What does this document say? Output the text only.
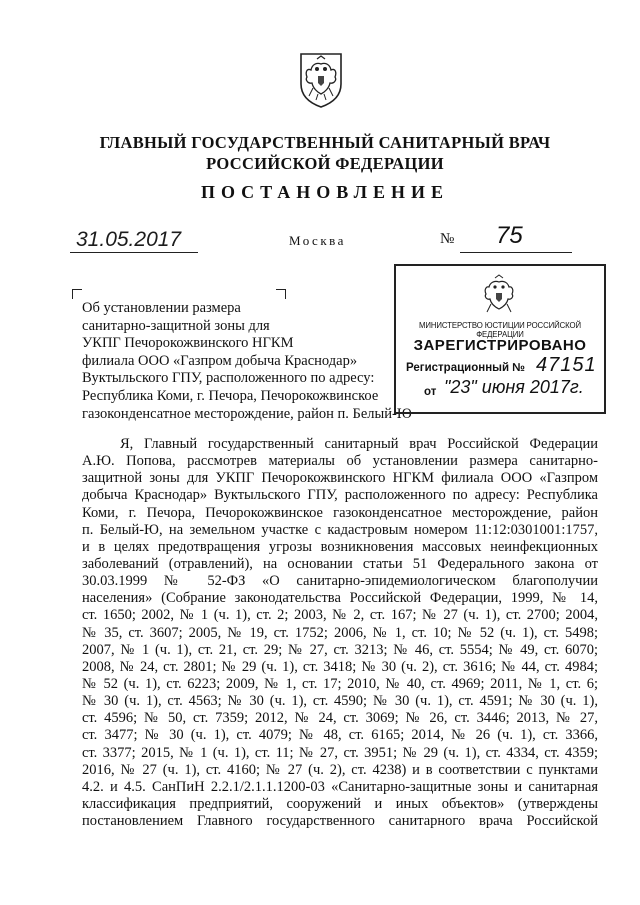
ГЛАВНЫЙ ГОСУДАРСТВЕННЫЙ САНИТАРНЫЙ ВРАЧ
РОССИЙСКОЙ ФЕДЕРАЦИИ
ПОСТАНОВЛЕНИЕ
31.05.2017	Москва	№ 75
Об установлении размера
санитарно-защитной зоны для
УКПГ Печорокожвинского НГКМ
филиала ООО «Газпром добыча Краснодар»
Вуктыльского ГПУ, расположенного по адресу:
Республика Коми, г. Печора, Печорокожвинское
газоконденсатное месторождение, район п. Белый-Ю
МИНИСТЕРСТВО ЮСТИЦИИ РОССИЙСКОЙ ФЕДЕРАЦИИ
ЗАРЕГИСТРИРОВАНО
Регистрационный № 47151
от "23" июня 2017г.
Я, Главный государственный санитарный врач Российской Федерации
А.Ю. Попова, рассмотрев материалы об установлении размера санитарно-
защитной зоны для УКПГ Печорокожвинского НГКМ филиала ООО «Газпром
добыча Краснодар» Вуктыльского ГПУ, расположенного по адресу: Республика
Коми, г. Печора, Печорокожвинское газоконденсатное месторождение, район
п. Белый-Ю, на земельном участке с кадастровым номером 11:12:0301001:1757,
и в целях предотвращения угрозы возникновения массовых неинфекционных
заболеваний (отравлений), на основании статьи 51 Федерального закона от
30.03.1999 № 52-ФЗ «О санитарно-эпидемиологическом благополучии
населения» (Собрание законодательства Российской Федерации, 1999, № 14,
ст. 1650; 2002, № 1 (ч. 1), ст. 2; 2003, № 2, ст. 167; № 27 (ч. 1), ст. 2700; 2004,
№ 35, ст. 3607; 2005, № 19, ст. 1752; 2006, № 1, ст. 10; № 52 (ч. 1), ст. 5498;
2007, № 1 (ч. 1), ст. 21, ст. 29; № 27, ст. 3213; № 46, ст. 5554; № 49, ст. 6070;
2008, № 24, ст. 2801; № 29 (ч. 1), ст. 3418; № 30 (ч. 2), ст. 3616; № 44, ст. 4984;
№ 52 (ч. 1), ст. 6223; 2009, № 1, ст. 17; 2010, № 40, ст. 4969; 2011, № 1, ст. 6;
№ 30 (ч. 1), ст. 4563; № 30 (ч. 1), ст. 4590; № 30 (ч. 1), ст. 4591; № 30 (ч. 1),
ст. 4596; № 50, ст. 7359; 2012, № 24, ст. 3069; № 26, ст. 3446; 2013, № 27,
ст. 3477; № 30 (ч. 1), ст. 4079; № 48, ст. 6165; 2014, № 26 (ч. 1), ст. 3366,
ст. 3377; 2015, № 1 (ч. 1), ст. 11; № 27, ст. 3951; № 29 (ч. 1), ст. 4334, ст. 4359;
2016, № 27 (ч. 1), ст. 4160; № 27 (ч. 2), ст. 4238) и в соответствии с пунктами
4.2. и 4.5. СанПиН 2.2.1/2.1.1.1200-03 «Санитарно-защитные зоны и санитарная
классификация предприятий, сооружений и иных объектов» (утверждены
постановлением Главного государственного санитарного врача Российской
